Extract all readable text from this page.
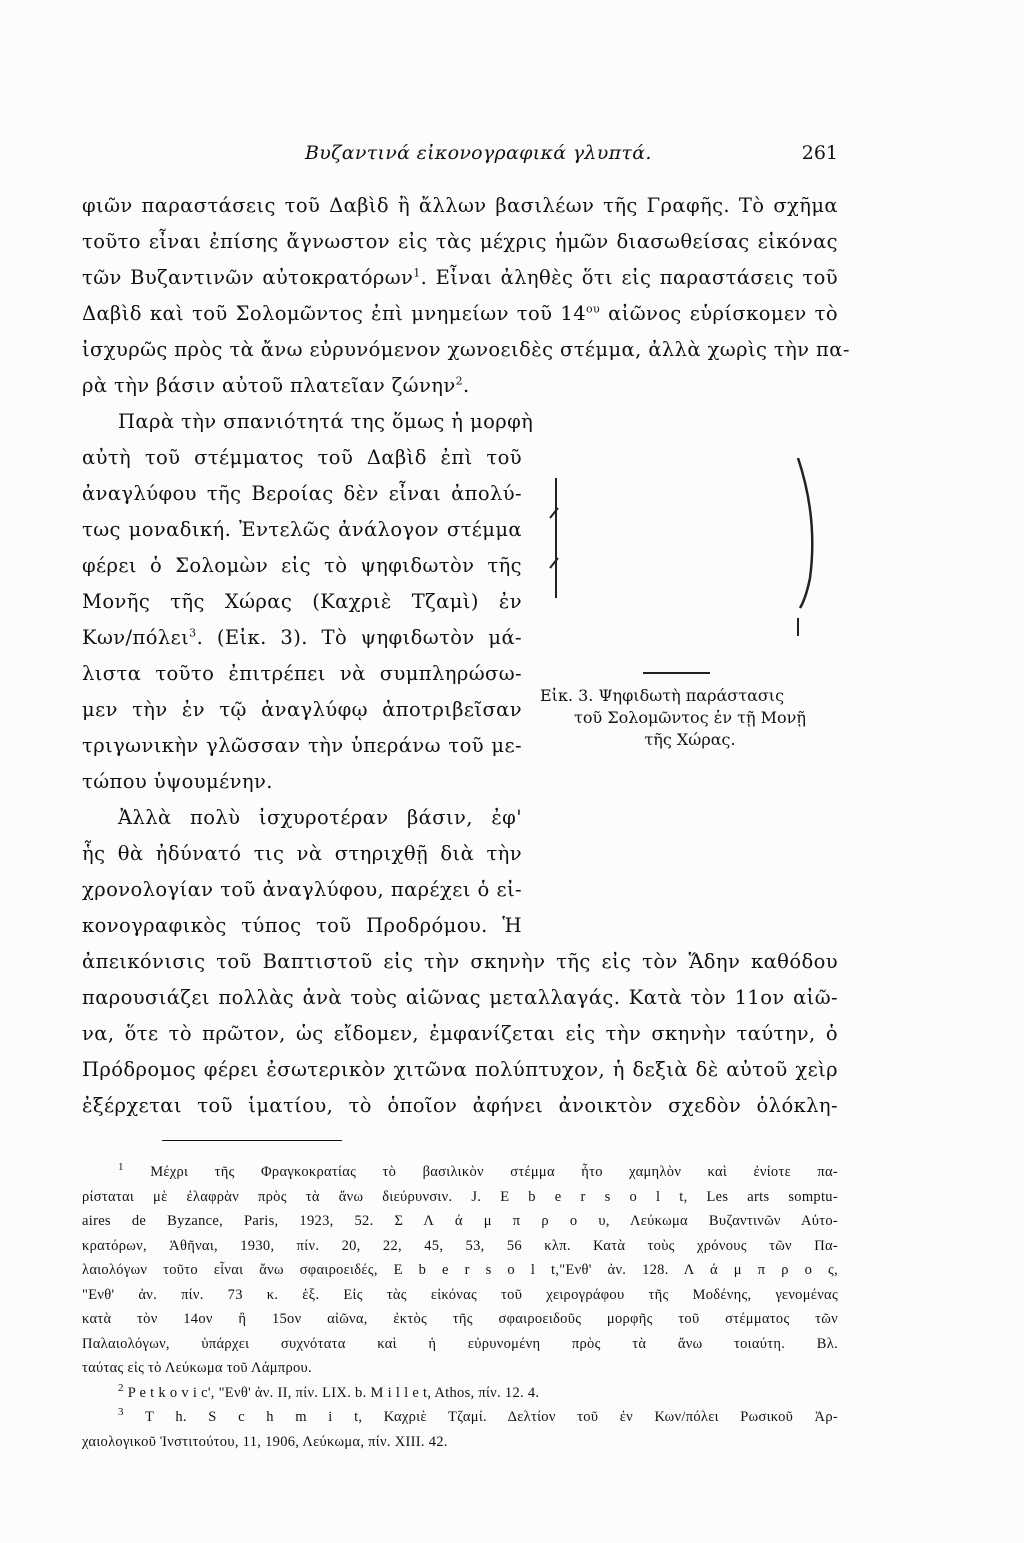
Βυζαντινά εἰκονογραφικά γλυπτά.	261
φιῶν παραστάσεις τοῦ Δαβὶδ ἢ ἄλλων βασιλέων τῆς Γραφῆς. Τὸ σχῆμα
τοῦτο εἶναι ἐπίσης ἄγνωστον εἰς τὰς μέχρις ἡμῶν διασωθείσας εἰκόνας
τῶν Βυζαντινῶν αὐτοκρατόρων$^1$. Εἶναι ἀληθὲς ὅτι εἰς παραστάσεις τοῦ
Δαβὶδ καὶ τοῦ Σολομῶντος ἐπὶ μνημείων τοῦ $14^{o\upsilon}$ αἰῶνος εὑρίσκομεν τὸ
ἰσχυρῶς πρὸς τὰ ἄνω εὐρυνόμενον χωνοειδὲς στέμμα, ἀλλὰ χωρὶς τὴν πα-
ρὰ τὴν βάσιν αὐτοῦ πλατεῖαν ζώνην$^2$.
Παρὰ τὴν σπανιότητά της ὅμως ἡ μορφὴ
αὐτὴ τοῦ στέμματος τοῦ Δαβὶδ ἐπὶ τοῦ
ἀναγλύφου τῆς Βεροίας δὲν εἶναι ἀπολύ-
τως μοναδική. Ἐντελῶς ἀνάλογον στέμμα
φέρει ὁ Σολομὼν εἰς τὸ ψηφιδωτὸν τῆς
Μονῆς τῆς Χώρας (Καχριὲ Τζαμὶ) ἐν
Κων/πόλει$^3$. (Εἰκ. 3). Τὸ ψηφιδωτὸν μά-
λιστα τοῦτο ἐπιτρέπει νὰ συμπληρώσω-
μεν τὴν ἐν τῷ ἀναγλύφῳ ἀποτριβεῖσαν
τριγωνικὴν γλῶσσαν τὴν ὑπεράνω τοῦ με-
τώπου ὑψουμένην.
Ἀλλὰ πολὺ ἰσχυροτέραν βάσιν, ἐφ'
ἧς θὰ ἠδύνατό τις νὰ στηριχθῇ διὰ τὴν
χρονολογίαν τοῦ ἀναγλύφου, παρέχει ὁ εἰ-
κονογραφικὸς τύπος τοῦ Προδρόμου. Ἡ
Εἰκ. 3. Ψηφιδωτὴ παράστασις
τοῦ Σολομῶντος ἐν τῇ Μονῇ
τῆς Χώρας.
ἀπεικόνισις τοῦ Βαπτιστοῦ εἰς τὴν σκηνὴν τῆς εἰς τὸν Ἅδην καθόδου
παρουσιάζει πολλὰς ἀνὰ τοὺς αἰῶνας μεταλλαγάς. Κατὰ τὸν 11ον αἰῶ-
να, ὅτε τὸ πρῶτον, ὡς εἴδομεν, ἐμφανίζεται εἰς τὴν σκηνὴν ταύτην, ὁ
Πρόδρομος φέρει ἐσωτερικὸν χιτῶνα πολύπτυχον, ἡ δεξιὰ δὲ αὐτοῦ χεὶρ
ἐξέρχεται τοῦ ἱματίου, τὸ ὁποῖον ἀφήνει ἀνοικτὸν σχεδὸν ὁλόκλη-
$^1$ Μέχρι τῆς Φραγκοκρατίας τὸ βασιλικὸν στέμμα ἦτο χαμηλὸν καὶ ἐνίοτε πα-
ρίσταται μὲ ἐλαφρὰν πρὸς τὰ ἄνω διεύρυνσιν. J. E b e r s o l t, Les arts somptu-
aires de Byzance, Paris, 1923, 52. Σ Λ ά μ π ρ ο υ, Λεύκωμα Βυζαντινῶν Αὐτο-
κρατόρων, Ἀθῆναι, 1930, πίν. 20, 22, 45, 53, 56 κλπ. Κατὰ τοὺς χρόνους τῶν Πα-
λαιολόγων τοῦτο εἶναι ἄνω σφαιροειδές, E b e r s o l t,"Ενθ' ἀν. 128. Λ ά μ π ρ ο ς,
"Ενθ' ἀν. πίν. 73 κ. ἑξ. Εἰς τὰς εἰκόνας τοῦ χειρογράφου τῆς Μοδένης, γενομένας
κατὰ τὸν 14ον ἢ 15ον αἰῶνα, ἐκτὸς τῆς σφαιροειδοῦς μορφῆς τοῦ στέμματος τῶν
Παλαιολόγων, ὑπάρχει συχνότατα καὶ ἡ εὐρυνομένη πρὸς τὰ ἄνω τοιαύτη. Βλ.
ταύτας εἰς τὸ Λεύκωμα τοῦ Λάμπρου.
$^2$ P e t k o v i c', "Ενθ' ἀν. II, πίν. LIX. b. M i l l e t, Athos, πίν. 12. 4.
$^3$ T h. S c h m i t, Καχριὲ Τζαμί. Δελτίον τοῦ ἐν Κων/πόλει Ρωσικοῦ Ἀρ-
χαιολογικοῦ Ἰνστιτούτου, 11, 1906, Λεύκωμα, πίν. XIII. 42.
